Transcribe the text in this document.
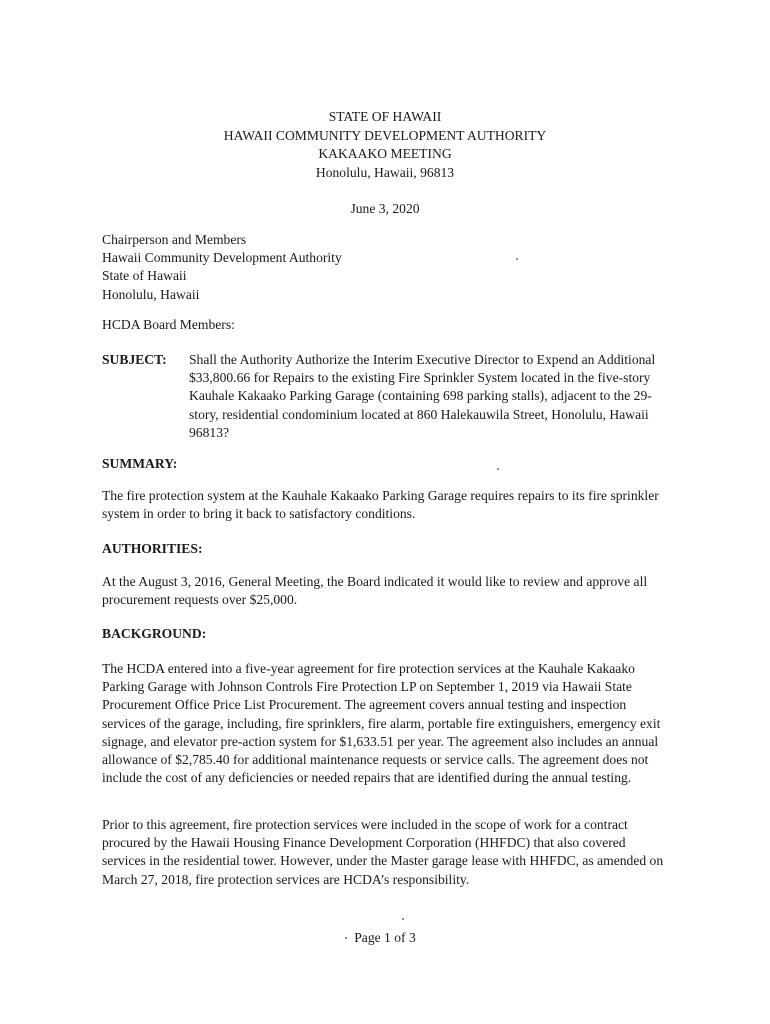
STATE OF HAWAII
HAWAII COMMUNITY DEVELOPMENT AUTHORITY
KAKAAKO MEETING
Honolulu, Hawaii, 96813
June 3, 2020
Chairperson and Members
Hawaii Community Development Authority
State of Hawaii
Honolulu, Hawaii
HCDA Board Members:
SUBJECT: Shall the Authority Authorize the Interim Executive Director to Expend an Additional $33,800.66 for Repairs to the existing Fire Sprinkler System located in the five-story Kauhale Kakaako Parking Garage (containing 698 parking stalls), adjacent to the 29-story, residential condominium located at 860 Halekauwila Street, Honolulu, Hawaii 96813?
SUMMARY:
The fire protection system at the Kauhale Kakaako Parking Garage requires repairs to its fire sprinkler system in order to bring it back to satisfactory conditions.
AUTHORITIES:
At the August 3, 2016, General Meeting, the Board indicated it would like to review and approve all procurement requests over $25,000.
BACKGROUND:
The HCDA entered into a five-year agreement for fire protection services at the Kauhale Kakaako Parking Garage with Johnson Controls Fire Protection LP on September 1, 2019 via Hawaii State Procurement Office Price List Procurement. The agreement covers annual testing and inspection services of the garage, including, fire sprinklers, fire alarm, portable fire extinguishers, emergency exit signage, and elevator pre-action system for $1,633.51 per year. The agreement also includes an annual allowance of $2,785.40 for additional maintenance requests or service calls. The agreement does not include the cost of any deficiencies or needed repairs that are identified during the annual testing.
Prior to this agreement, fire protection services were included in the scope of work for a contract procured by the Hawaii Housing Finance Development Corporation (HHFDC) that also covered services in the residential tower. However, under the Master garage lease with HHFDC, as amended on March 27, 2018, fire protection services are HCDA’s responsibility.
Page 1 of 3
